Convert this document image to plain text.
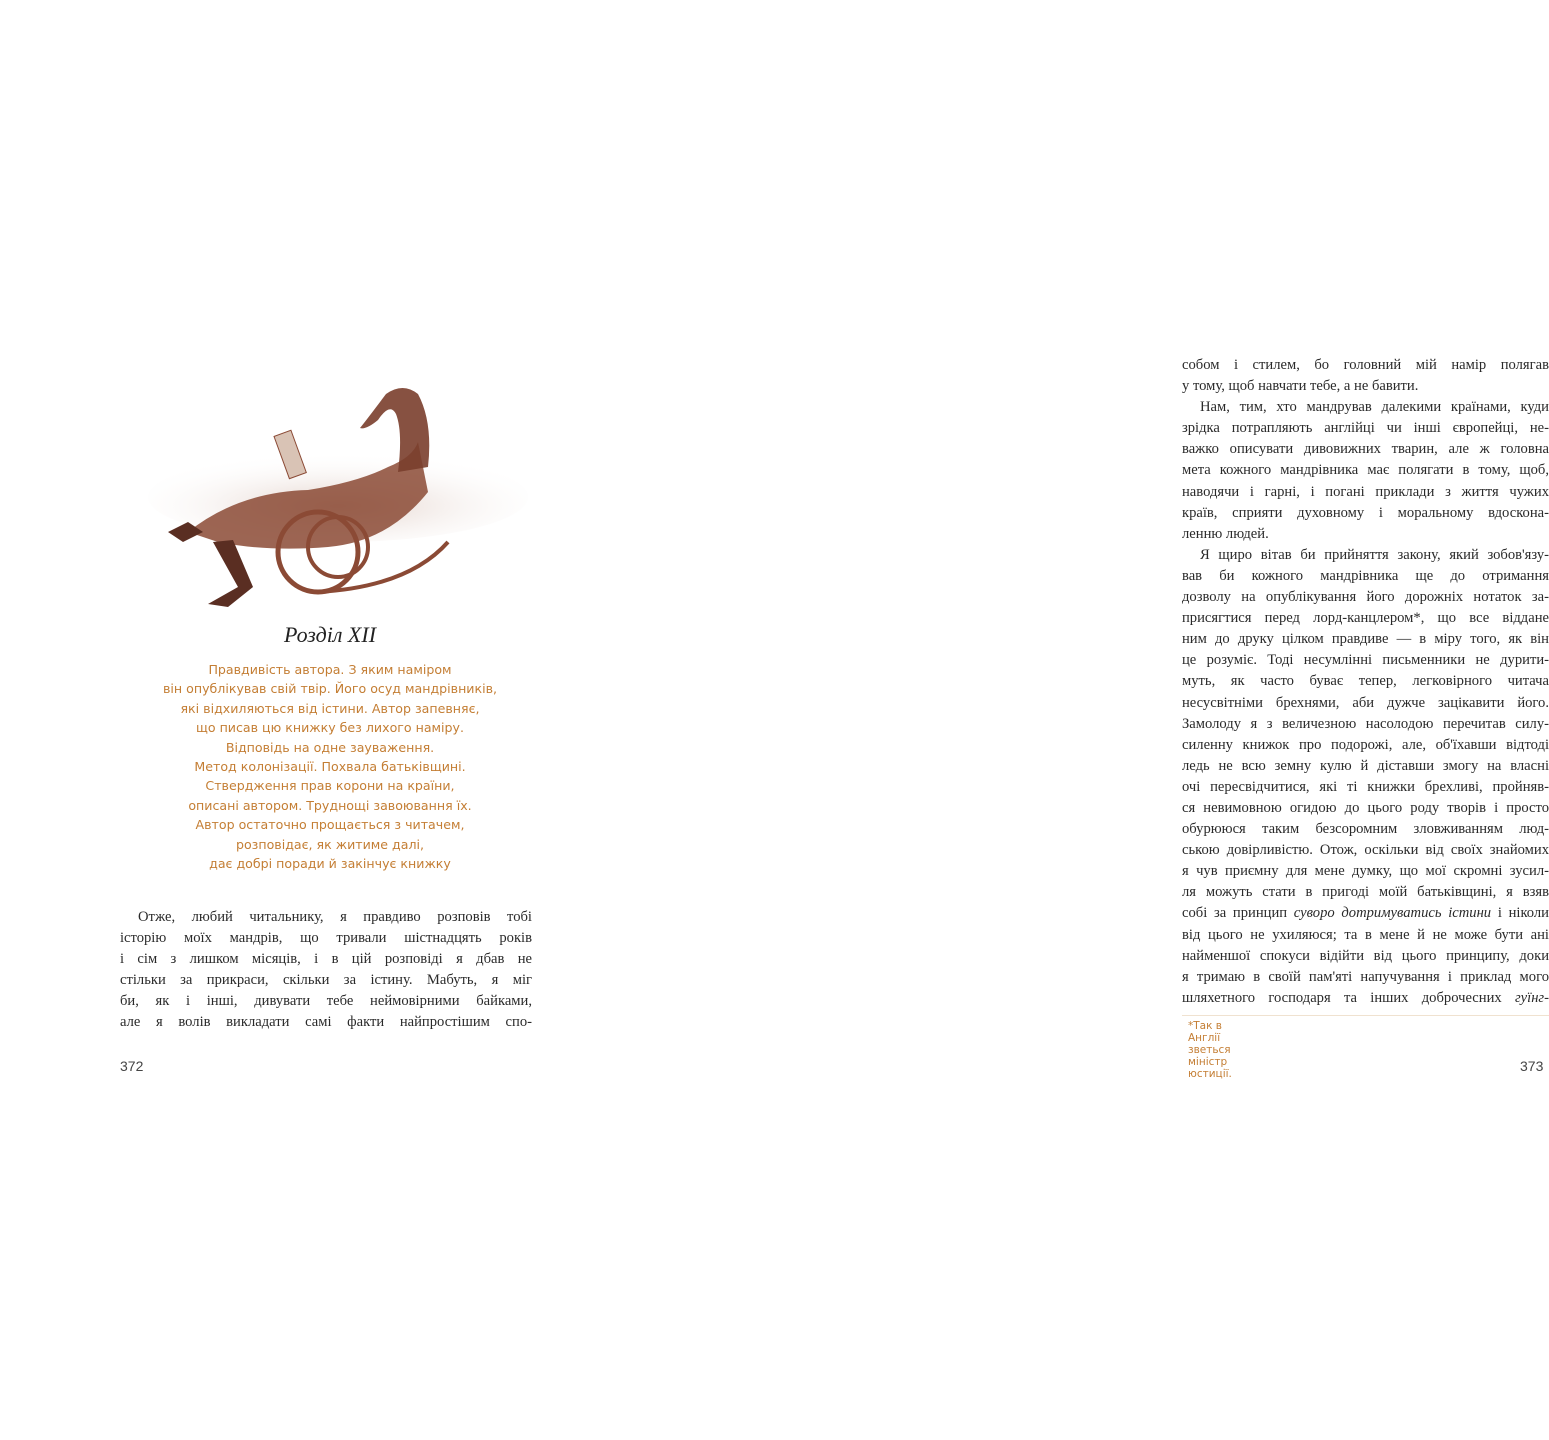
Розділ XII
Правдивість автора. З яким наміром
він опублікував свій твір. Його осуд мандрівників,
які відхиляються від істини. Автор запевняє,
що писав цю книжку без лихого наміру.
Відповідь на одне зауваження.
Метод колонізації. Похвала батьківщині.
Ствердження прав корони на країни,
описані автором. Труднощі завоювання їх.
Автор остаточно прощається з читачем,
розповідає, як житиме далі,
дає добрі поради й закінчує книжку
Отже, любий читальнику, я правдиво розповів тобі
історію моїх мандрів, що тривали шістнадцять років
і сім з лишком місяців, і в цій розповіді я дбав не
стільки за прикраси, скільки за істину. Мабуть, я міг
би, як і інші, дивувати тебе неймовірними байками,
але я волів викладати самі факти найпростішим спо-
372
собом і стилем, бо головний мій намір полягав
у тому, щоб навчати тебе, а не бавити.
Нам, тим, хто мандрував далекими країнами, куди
зрідка потрапляють англійці чи інші європейці, не-
важко описувати дивовижних тварин, але ж головна
мета кожного мандрівника має полягати в тому, щоб,
наводячи і гарні, і погані приклади з життя чужих
країв, сприяти духовному і моральному вдоскона-
ленню людей.
Я щиро вітав би прийняття закону, який зобов'язу-
вав би кожного мандрівника ще до отримання
дозволу на опублікування його дорожніх нотаток за-
присягтися перед лорд-канцлером*, що все віддане
ним до друку цілком правдиве — в міру того, як він
це розуміє. Тоді несумлінні письменники не дурити-
муть, як часто буває тепер, легковірного читача
несусвітніми брехнями, аби дужче зацікавити його.
Замолоду я з величезною насолодою перечитав силу-
силенну книжок про подорожі, але, об'їхавши відтоді
ледь не всю земну кулю й діставши змогу на власні
очі пересвідчитися, які ті книжки брехливі, пройняв-
ся невимовною огидою до цього роду творів і просто
обурююся таким безсоромним зловживанням люд-
ською довірливістю. Отож, оскільки від своїх знайомих
я чув приємну для мене думку, що мої скромні зусил-
ля можуть стати в пригоді моїй батьківщині, я взяв
собі за принцип суворо дотримуватись істини і ніколи
від цього не ухиляюся; та в мене й не може бути ані
найменшої спокуси відійти від цього принципу, доки
я тримаю в своїй пам'яті напучування і приклад мого
шляхетного господаря та інших доброчесних гуїнг-
*Так в Англії зветься міністр юстиції.	373
